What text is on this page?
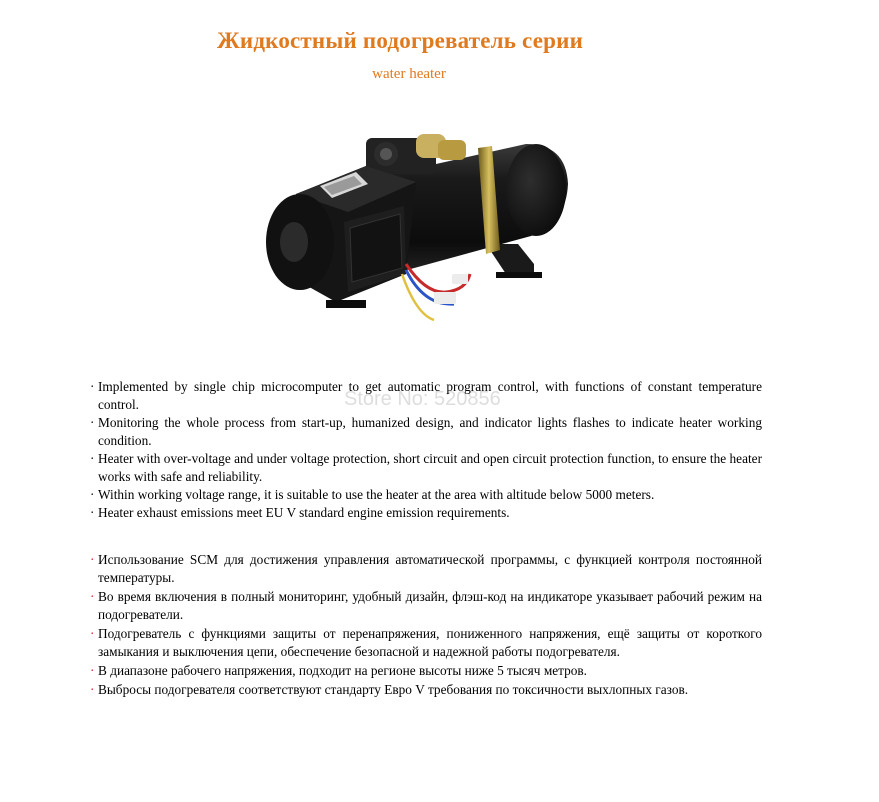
Жидкостный подогреватель серии
water heater
Store No: 520856
· Implemented by single chip microcomputer to get automatic program control, with functions of constant temperature control.
· Monitoring the whole process from start-up, humanized design, and indicator lights flashes to indicate heater working condition.
· Heater with over-voltage and under voltage protection, short circuit and open circuit protection function, to ensure the heater works with safe and reliability.
· Within working voltage range, it is suitable to use the heater at the area with altitude below 5000 meters.
· Heater exhaust emissions meet EU V standard engine emission requirements.
· Использование SCM для достижения управления автоматической программы, с функцией контроля постоянной температуры.
· Во время включения в полный мониторинг, удобный дизайн, флэш-код на индикаторе указывает рабочий режим на подогреватели.
· Подогреватель с функциями защиты от перенапряжения, пониженного напряжения, ещё защиты от короткого замыкания и выключения цепи, обеспечение безопасной и надежной работы подогревателя.
· В диапазоне рабочего напряжения, подходит на регионе высоты ниже 5 тысяч метров.
· Выбросы подогревателя соответствуют стандарту Евро V требования по токсичности выхлопных газов.
